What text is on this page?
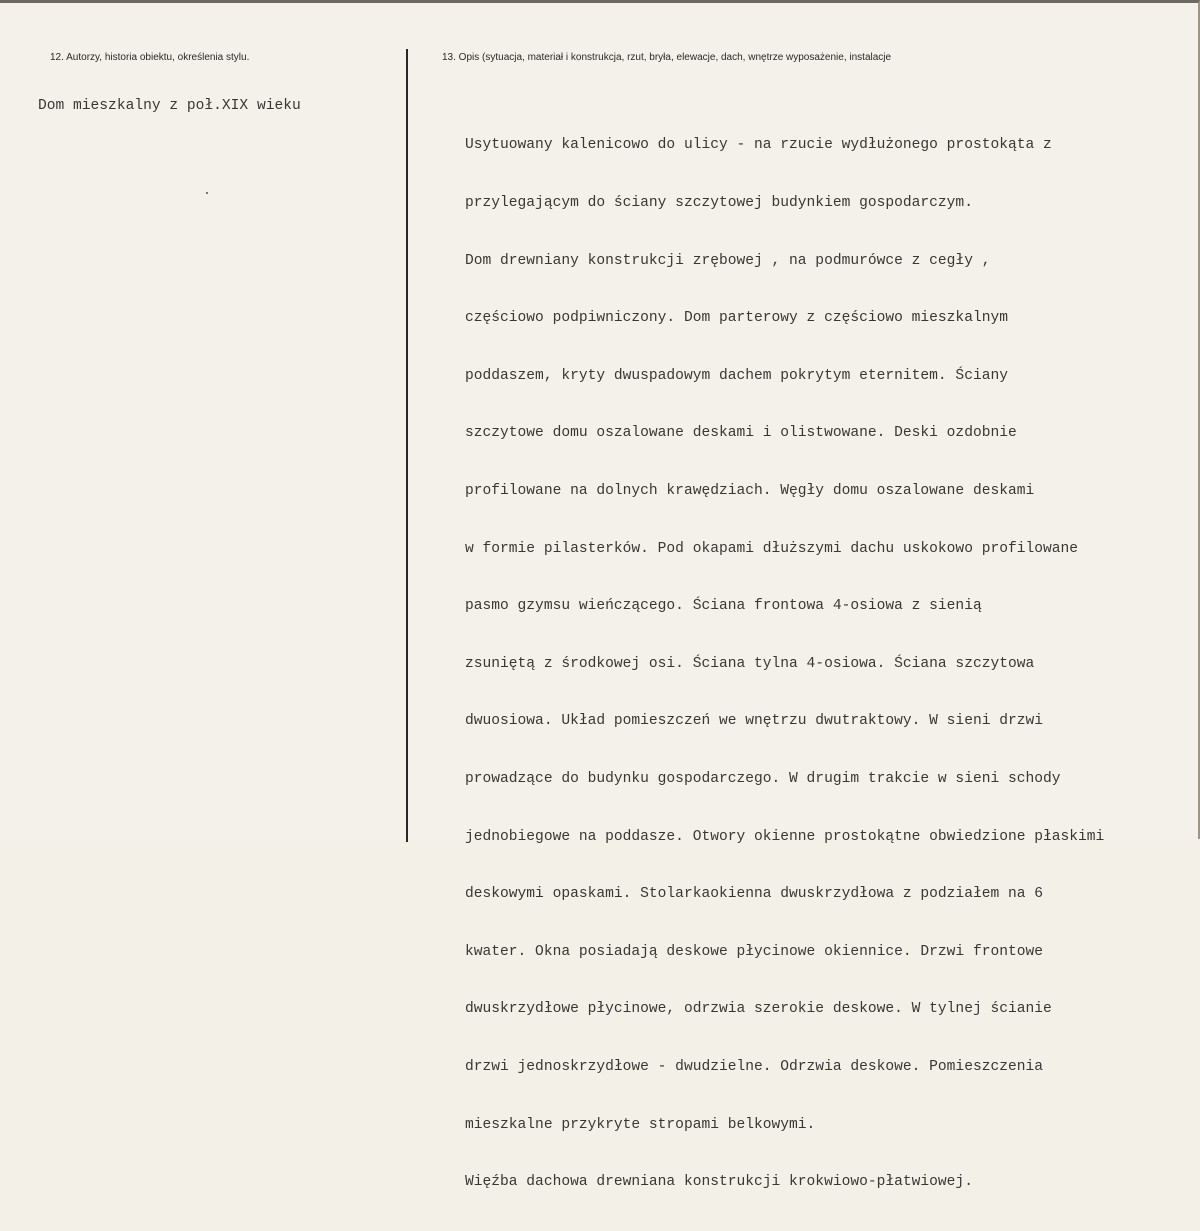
12. Autorzy, historia obiektu, określenia stylu.	13. Opis (sytuacja, materiał i konstrukcja, rzut, bryła, elewacje, dach, wnętrze wyposażenie, instalacje
Dom mieszkalny z poł.XIX wieku

Usytuowany kalenicowo do ulicy - na rzucie wydłużonego prostokąta z

przylegającym do ściany szczytowej budynkiem gospodarczym.

Dom drewniany konstrukcji zrębowej , na podmurówce z cegły ,

częściowo podpiwniczony. Dom parterowy z częściowo mieszkalnym

poddaszem, kryty dwuspadowym dachem pokrytym eternitem. Ściany

szczytowe domu oszalowane deskami i olistwowane. Deski ozdobnie

profilowane na dolnych krawędziach. Węgły domu oszalowane deskami

w formie pilasterków. Pod okapami dłuższymi dachu uskokowo profilowane

pasmo gzymsu wieńczącego. Ściana frontowa 4-osiowa z sienią

zsuniętą z środkowej osi. Ściana tylna 4-osiowa. Ściana szczytowa

dwuosiowa. Układ pomieszczeń we wnętrzu dwutraktowy. W sieni drzwi

prowadzące do budynku gospodarczego. W drugim trakcie w sieni schody

jednobiegowe na poddasze. Otwory okienne prostokątne obwiedzione płaskimi

deskowymi opaskami. Stolarkaokienna dwuskrzydłowa z podziałem na 6

kwater. Okna posiadają deskowe płycinowe okiennice. Drzwi frontowe

dwuskrzydłowe płycinowe, odrzwia szerokie deskowe. W tylnej ścianie

drzwi jednoskrzydłowe - dwudzielne. Odrzwia deskowe. Pomieszczenia

mieszkalne przykryte stropami belkowymi.

Więźba dachowa drewniana konstrukcji krokwiowo-płatwiowej.
